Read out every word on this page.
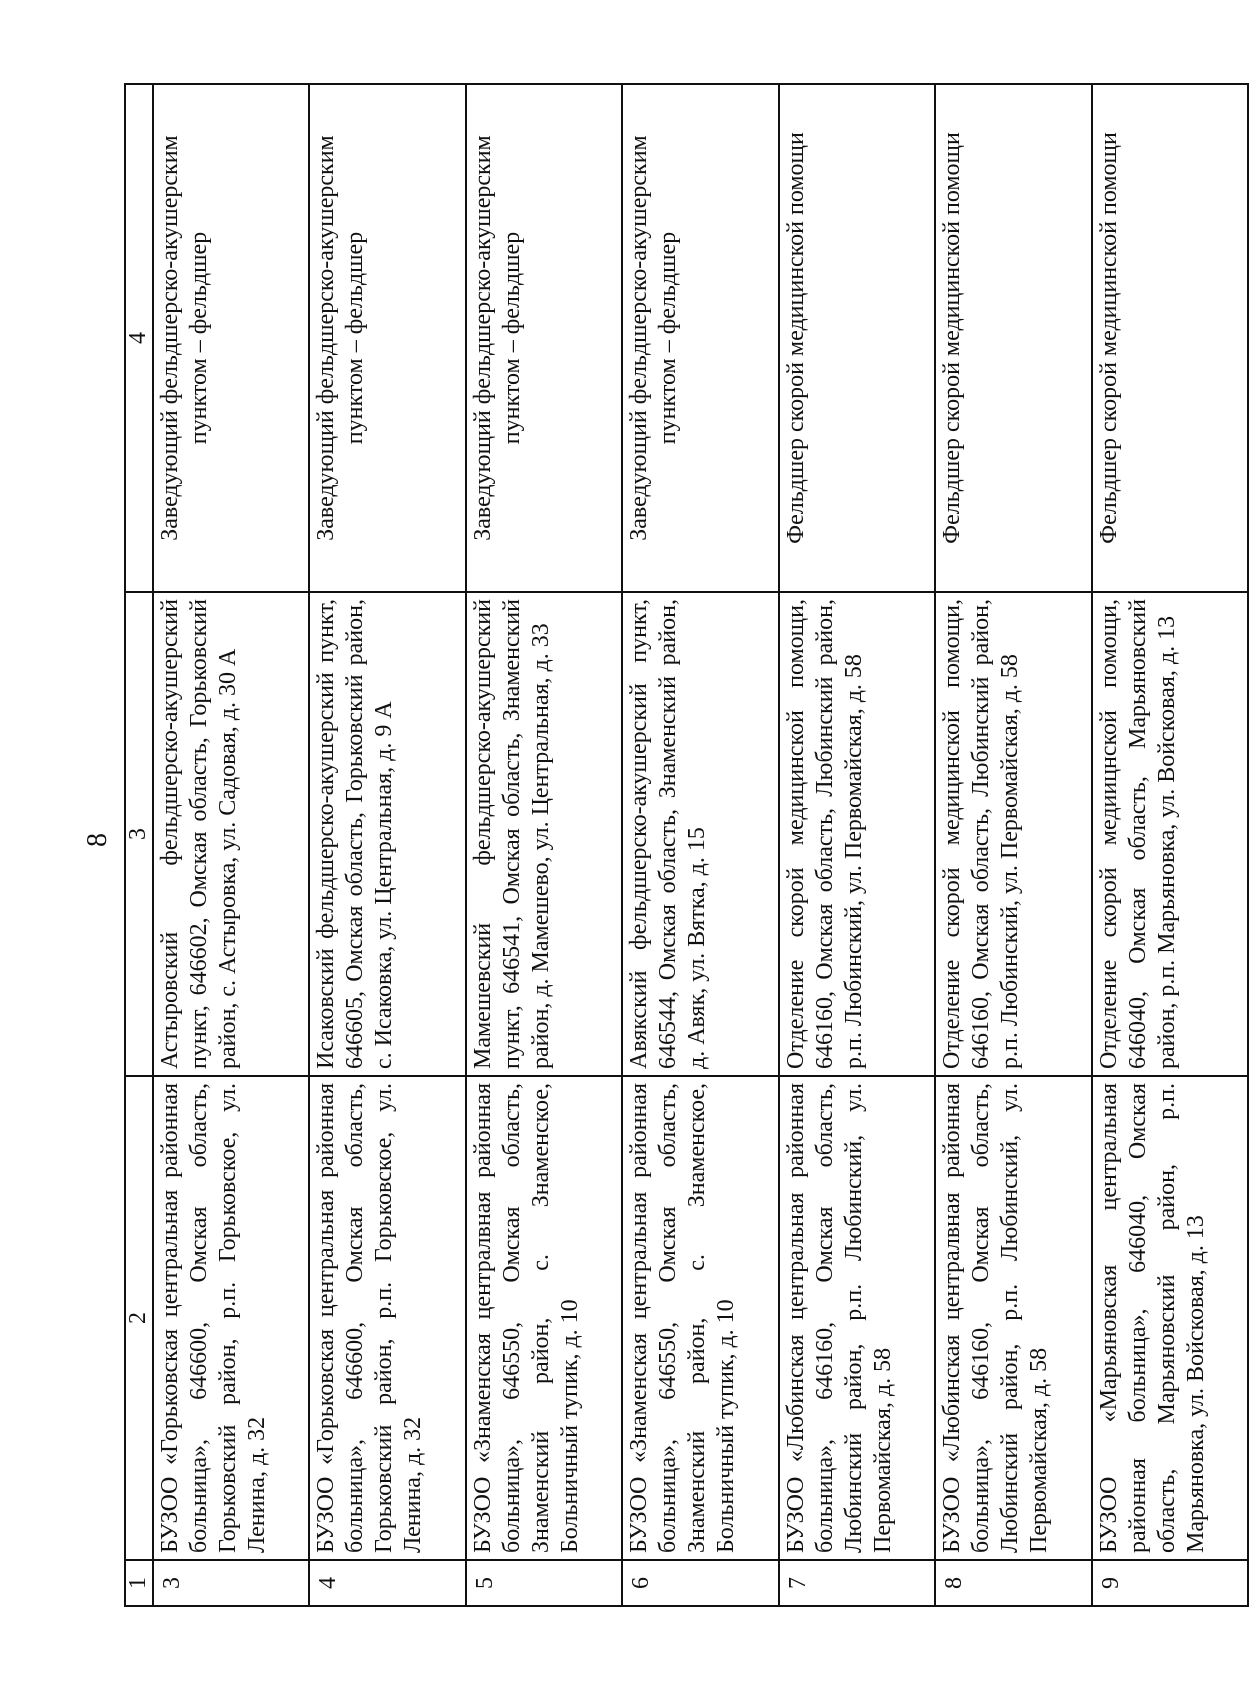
8
1	2	3	4
3	БУЗОО «Горьковская центральная районная больница», 646600, Омская область, Горьковский район, р.п. Горьковское, ул. Ленина, д. 32	Астыровский фельдшерско-акушерский пункт, 646602, Омская область, Горьковский район, с. Астыровка, ул. Садовая, д. 30 А	Заведующий фельдшерско-акушерским пунктом – фельдшер
4	БУЗОО «Горьковская центральная районная больница», 646600, Омская область, Горьковский район, р.п. Горьковское, ул. Ленина, д. 32	Исаковский фельдшерско-акушерский пункт, 646605, Омская область, Горьковский район, с. Исаковка, ул. Центральная, д. 9 А	Заведующий фельдшерско-акушерским пунктом – фельдшер
5	БУЗОО «Знаменская централвная районная больница», 646550, Омская область, Знаменский район, с. Знаменское, Больничный тупик, д. 10	Мамешевский фельдшерско-акушерский пункт, 646541, Омская область, Знаменский район, д. Мамешево, ул. Центральная, д. 33	Заведующий фельдшерско-акушерским пунктом – фельдшер
6	БУЗОО «Знаменская центральная районная больница», 646550, Омская область, Знаменский район, с. Знаменское, Больничный тупик, д. 10	Авякский фельдшерско-акушерский пункт, 646544, Омская область, Знаменский район, д. Авяк, ул. Вятка, д. 15	Заведующий фельдшерско-акушерским пунктом – фельдшер
7	БУЗОО «Любинская центральная районная больница», 646160, Омская область, Любинский район, р.п. Любинский, ул. Первомайская, д. 58	Отделение скорой медицинской помощи, 646160, Омская область, Любинский район, р.п. Любинский, ул. Первомайская, д. 58	Фельдшер скорой медицинской помощи
8	БУЗОО «Любинская централвная районная больница», 646160, Омская область, Любинский район, р.п. Любинский, ул. Первомайская, д. 58	Отделение скорой медицинской помощи, 646160, Омская область, Любинский район, р.п. Любинский, ул. Первомайская, д. 58	Фельдшер скорой медицинской помощи
9	БУЗОО «Марьяновская центральная районная больница», 646040, Омская область, Марьяновский район, р.п. Марьяновка, ул. Войсковая, д. 13	Отделение скорой медиицнской помощи, 646040, Омская область, Марьяновский район, р.п. Марьяновка, ул. Войсковая, д. 13	Фельдшер скорой медицинской помощи
